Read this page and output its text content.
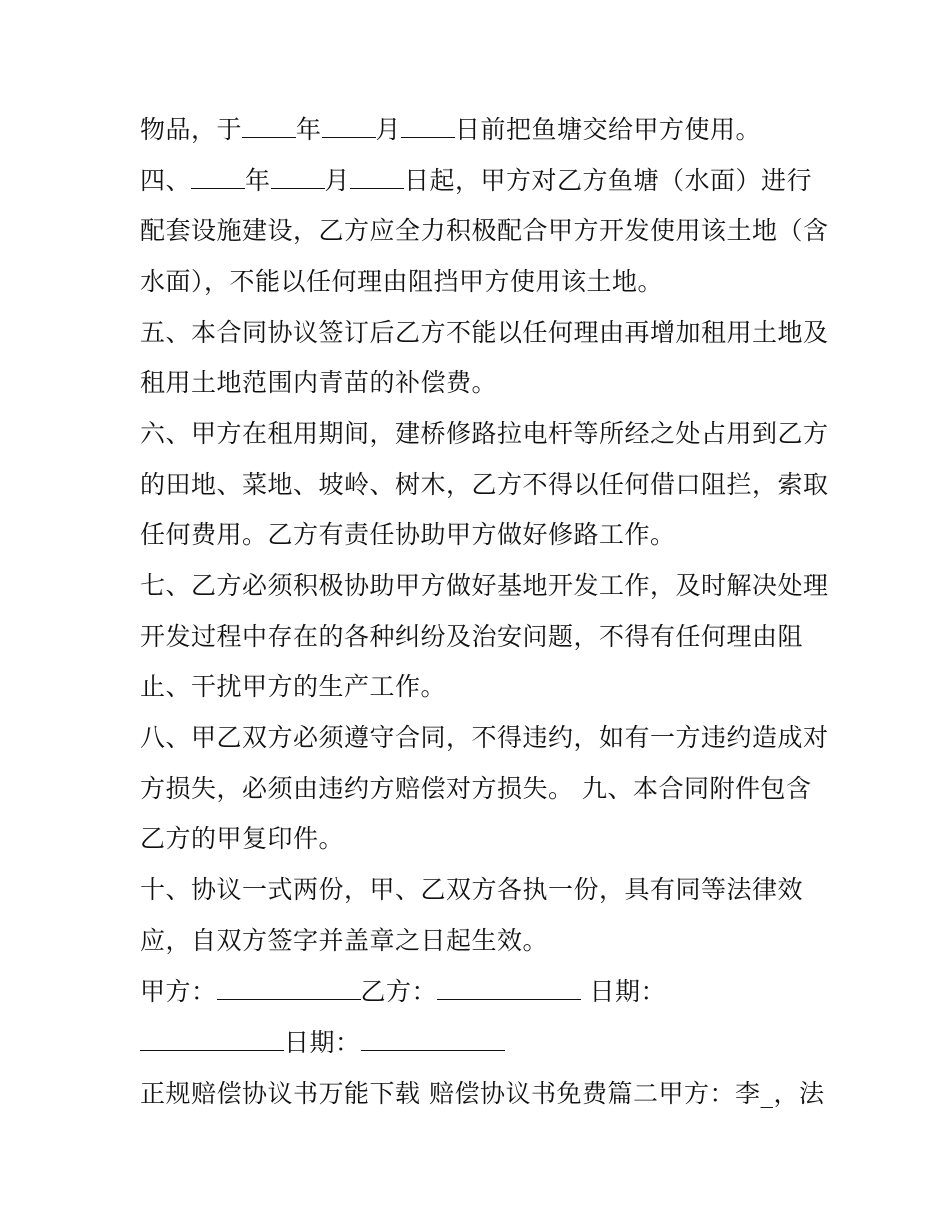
物品，于 年 月 日前把鱼塘交给甲方使用。
四、 年 月 日起，甲方对乙方鱼塘（水面）进行
配套设施建设，乙方应全力积极配合甲方开发使用该土地（含
水面），不能以任何理由阻挡甲方使用该土地。
五、本合同协议签订后乙方不能以任何理由再增加租用土地及
租用土地范围内青苗的补偿费。
六、甲方在租用期间，建桥修路拉电杆等所经之处占用到乙方
的田地、菜地、坡岭、树木，乙方不得以任何借口阻拦，索取
任何费用。乙方有责任协助甲方做好修路工作。
七、乙方必须积极协助甲方做好基地开发工作，及时解决处理
开发过程中存在的各种纠纷及治安问题，不得有任何理由阻
止、干扰甲方的生产工作。
八、甲乙双方必须遵守合同，不得违约，如有一方违约造成对
方损失，必须由违约方赔偿对方损失。 九、本合同附件包含
乙方的甲复印件。
十、协议一式两份，甲、乙双方各执一份，具有同等法律效
应，自双方签字并盖章之日起生效。
甲方：	乙方：	日期：
日期：
正规赔偿协议书万能下载 赔偿协议书免费篇二甲方：李_，法
